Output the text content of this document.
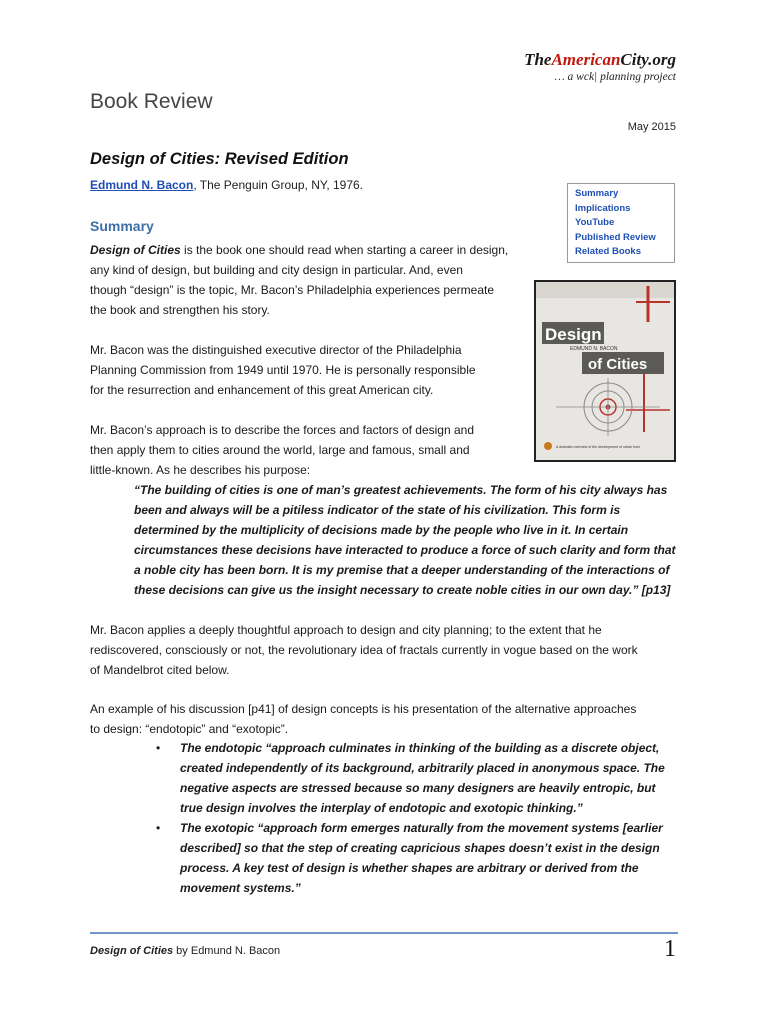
TheAmericanCity.org
… a wck| planning project
Book Review
May 2015
Design of Cities: Revised Edition
Edmund N. Bacon, The Penguin Group, NY, 1976.
Summary
Summary
Implications
YouTube
Published Review
Related Books
Design
EDMUND N. BACON
of Cities
A dramatic overview of the development of urban form

Design of Cities is the book one should read when starting a career in design,
any kind of design, but building and city design in particular. And, even
though “design” is the topic, Mr. Bacon’s Philadelphia experiences permeate
the book and strengthen his story.

Mr. Bacon was the distinguished executive director of the Philadelphia
Planning Commission from 1949 until 1970. He is personally responsible
for the resurrection and enhancement of this great American city.

Mr. Bacon’s approach is to describe the forces and factors of design and
then apply them to cities around the world, large and famous, small and
little-known. As he describes his purpose:

“The building of cities is one of man’s greatest achievements. The form of his city always has
been and always will be a pitiless indicator of the state of his civilization. This form is
determined by the multiplicity of decisions made by the people who live in it. In certain
circumstances these decisions have interacted to produce a force of such clarity and form that
a noble city has been born. It is my premise that a deeper understanding of the interactions of
these decisions can give us the insight necessary to create noble cities in our own day.” [p13]

Mr. Bacon applies a deeply thoughtful approach to design and city planning; to the extent that he
rediscovered, consciously or not, the revolutionary idea of fractals currently in vogue based on the work
of Mandelbrot cited below.

An example of his discussion [p41] of design concepts is his presentation of the alternative approaches
to design: “endotopic” and “exotopic”.

• The endotopic “approach culminates in thinking of the building as a discrete object, created independently of its background, arbitrarily placed in anonymous space. The negative aspects are stressed because so many designers are heavily entropic, but true design involves the interplay of endotopic and exotopic thinking.”
• The exotopic “approach form emerges naturally from the movement systems [earlier described] so that the step of creating capricious shapes doesn’t exist in the design process. A key test of design is whether shapes are arbitrary or derived from the movement systems.”
Design of Cities by Edmund N. Bacon	1
